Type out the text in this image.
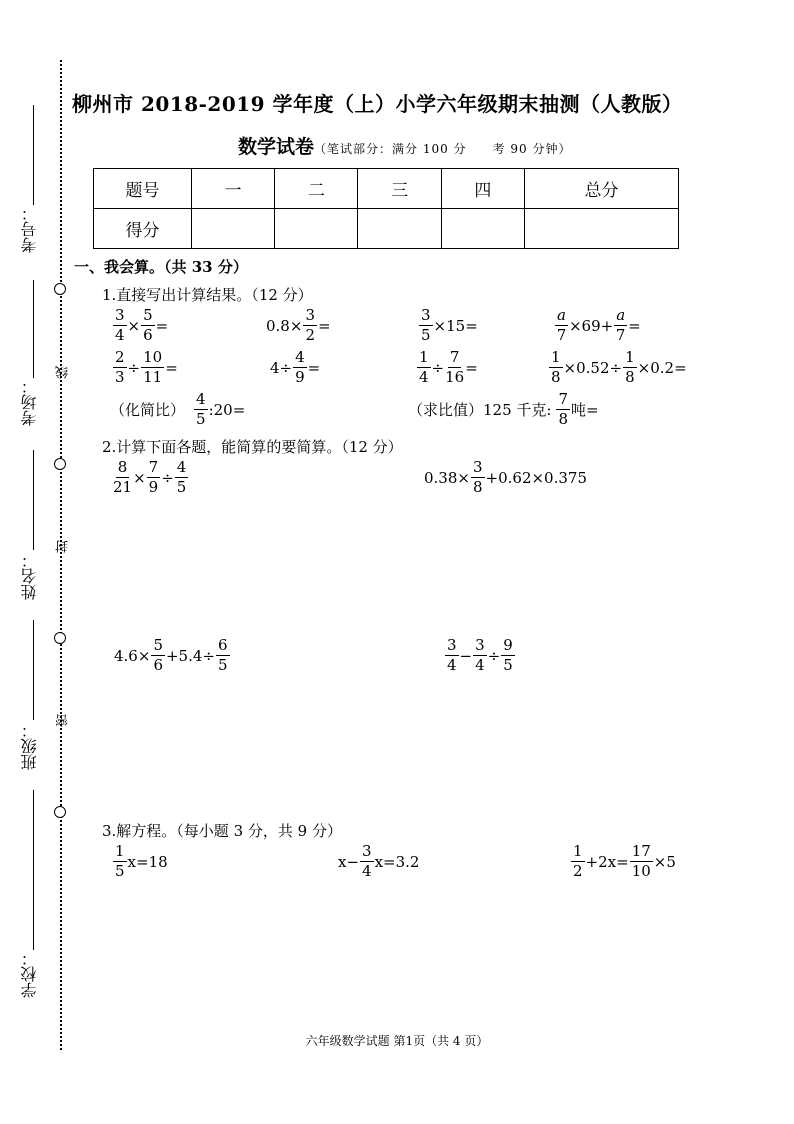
考号：
考场：
姓名：
班级：
学校：
线
封
密
柳州市 2018-2019 学年度（上）小学六年级期末抽测（人教版）
数学试卷（笔试部分：满分 100 分　　考 90 分钟）
题号	一	二	三	四	总分
得分					
一、我会算。（共 33 分）
1.直接写出计算结果。（12 分）
$\frac{3}{4} \times \frac{5}{6}$ =	$0.8\times \frac{3}{2}$ =	$\frac{3}{5} \times 15=$	$\frac{a}{7} \times 69+ \frac{a}{7}$ =
$\frac{2}{3} \div \frac{10}{11}$ =	$4\div \frac{4}{9}$ =	$\frac{1}{4} \div \frac{7}{16}$ =	$\frac{1}{8} \times 0.52\div \frac{1}{8} \times 0.2=$
（化简比） $\frac{4}{5}$ :20=	（求比值）125 千克: $\frac{7}{8}$ 吨=
2.计算下面各题，能简算的要简算。（12 分）
$\frac{8}{21} \times \frac{7}{9} \div \frac{4}{5}$	$0.38\times \frac{3}{8} +0.62\times 0.375$
$4.6\times \frac{5}{6} +5.4\div \frac{6}{5}$	$\frac{3}{4} - \frac{3}{4} \div \frac{9}{5}$
3.解方程。（每小题 3 分，共 9 分）
$\frac{1}{5} x=18$	$x- \frac{3}{4} x=3.2$	$\frac{1}{2} +2x= \frac{17}{10} \times 5$
六年级数学试题 第1页（共 4 页）
